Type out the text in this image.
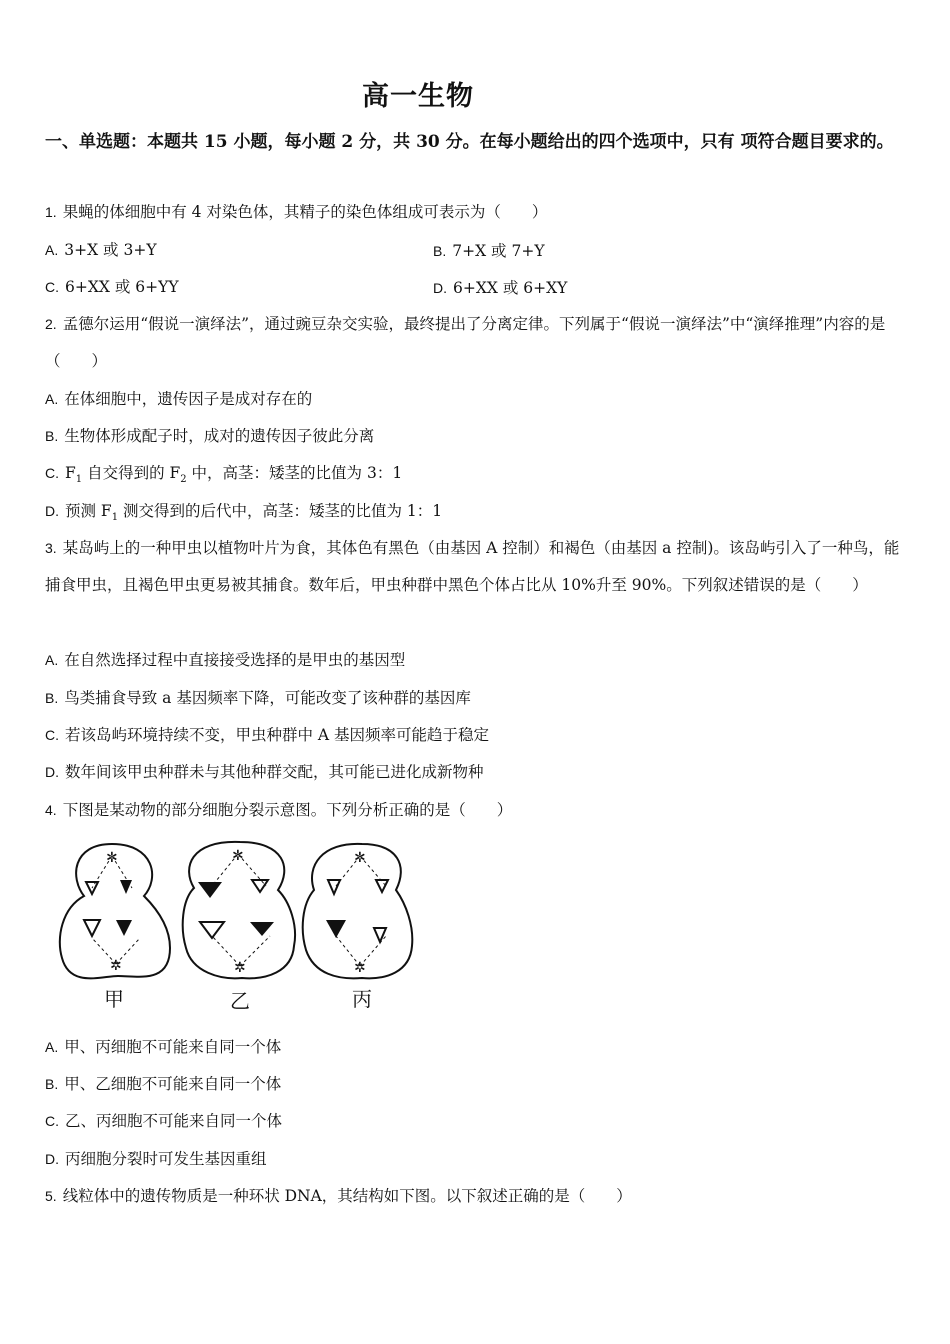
高一生物
一、单选题：本题共 15 小题，每小题 2 分，共 30 分。在每小题给出的四个选项中，只有 项符合题目要求的。
1. 果蝇的体细胞中有 4 对染色体，其精子的染色体组成可表示为（　　）
A. 3+X 或 3+Y	B. 7+X 或 7+Y
C. 6+XX 或 6+YY	D. 6+XX 或 6+XY
2. 孟德尔运用“假说一演绎法”，通过豌豆杂交实验，最终提出了分离定律。下列属于“假说一演绎法”中“演绎推理”内容的是（　　）
A. 在体细胞中，遗传因子是成对存在的
B. 生物体形成配子时，成对的遗传因子彼此分离
C. $F_1$ 自交得到的 $F_2$ 中，高茎：矮茎的比值为 3：1
D. 预测 $F_1$ 测交得到的后代中，高茎：矮茎的比值为 1：1
3. 某岛屿上的一种甲虫以植物叶片为食，其体色有黑色（由基因 A 控制）和褐色（由基因 a 控制)。该岛屿引入了一种鸟，能捕食甲虫，且褐色甲虫更易被其捕食。数年后，甲虫种群中黑色个体占比从 10%升至 90%。下列叙述错误的是（　　）
A. 在自然选择过程中直接接受选择的是甲虫的基因型
B. 鸟类捕食导致 a 基因频率下降，可能改变了该种群的基因库
C. 若该岛屿环境持续不变，甲虫种群中 A 基因频率可能趋于稳定
D. 数年间该甲虫种群未与其他种群交配，其可能已进化成新物种
4. 下图是某动物的部分细胞分裂示意图。下列分析正确的是（　　）
✲
✲
✲
✲
✲
✲
甲	乙	丙
A. 甲、丙细胞不可能来自同一个体
B. 甲、乙细胞不可能来自同一个体
C. 乙、丙细胞不可能来自同一个体
D. 丙细胞分裂时可发生基因重组
5. 线粒体中的遗传物质是一种环状 DNA，其结构如下图。以下叙述正确的是（　　）
